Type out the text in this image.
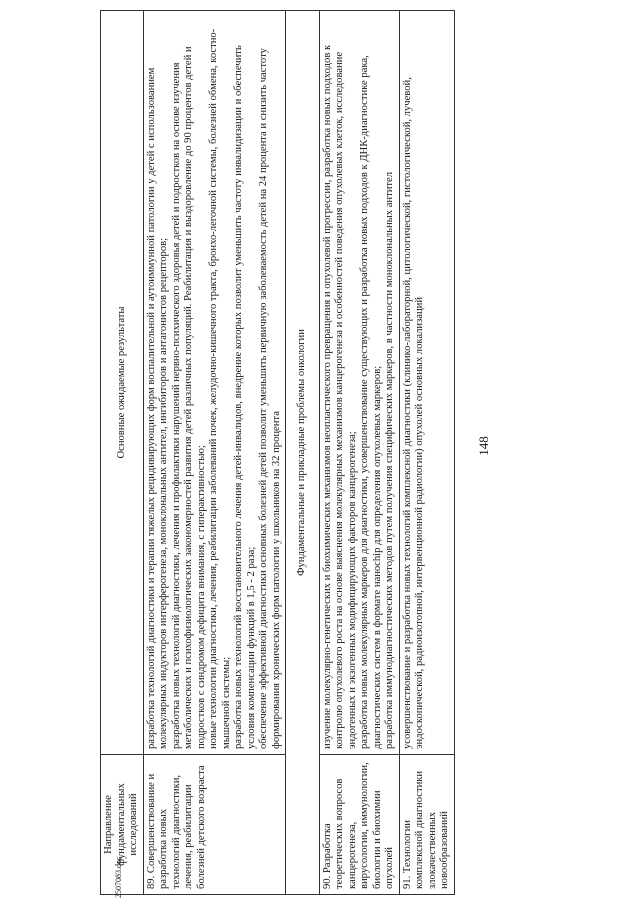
148
Направление фундаментальных исследований	Основные ожидаемые результаты
89. Совершенствование и разработка новых технологий диагностики, лечения, реабилитации болезней детского возраста	разработка технологий диагностики и терапии тяжелых рецидивирующих форм воспалительной и аутоиммунной патологии у детей с использованием молекулярных индукторов интерферогенеза, моноклональных антител, ингибиторов и антагонистов рецепторов; разработка новых технологий диагностики, лечения и профилактики нарушений нервно-психического здоровья детей и подростков на основе изучения метаболических и психофизиологических закономерностей развития детей различных популяций. Реабилитация и выздоровление до 90 процентов детей и подростков с синдромом дефицита внимания, с гиперактивностью; новые технологии диагностики, лечения, реабилитации заболеваний почек, желудочно-кишечного тракта, бронхо-легочной системы, болезней обмена, костно-мышечной системы; разработка новых технологий восстановительного лечения детей-инвалидов, внедрение которых позволит уменьшить частоту инвалидизации и обеспечить условия компенсации функций в 1,5 - 2 раза; обеспечение эффективной диагностики основных болезней детей позволит уменьшить первичную заболеваемость детей на 24 процента и снизить частоту формирования хронических форм патологии у школьников на 32 процента

Фундаментальные и прикладные проблемы онкологии	
90. Разработка теоретических вопросов канцерогенеза, вирусологии, иммунологии, биологии и биохимии опухолей	изучение молекулярно-генетических и биохимических механизмов неопластического превращения и опухолевой прогрессии, разработка новых подходов к контролю опухолевого роста на основе выяснения молекулярных механизмов канцерогенеза и особенностей поведения опухолевых клеток, исследование эндогенных и экзогенных модифицирующих факторов канцерогенеза; разработка новых молекулярных маркеров для диагностики, усовершенствование существующих и разработка новых подходов к ДНК-диагностике рака, диагностических систем в формате нанochip для определения опухолевых маркеров; разработка иммунодиагностических методов путем получения специфических маркеров, в частности моноклональных антител

91. Технологии комплексной диагностики злокачественных новообразований	усовершенствование и разработка новых технологий комплексной диагностики (клинико-лабораторной, цитологической, гистологической, лучевой, эндоскопической, радиоизотопной, интервенционной радиологии) опухолей основных локализаций
2507083.doc
